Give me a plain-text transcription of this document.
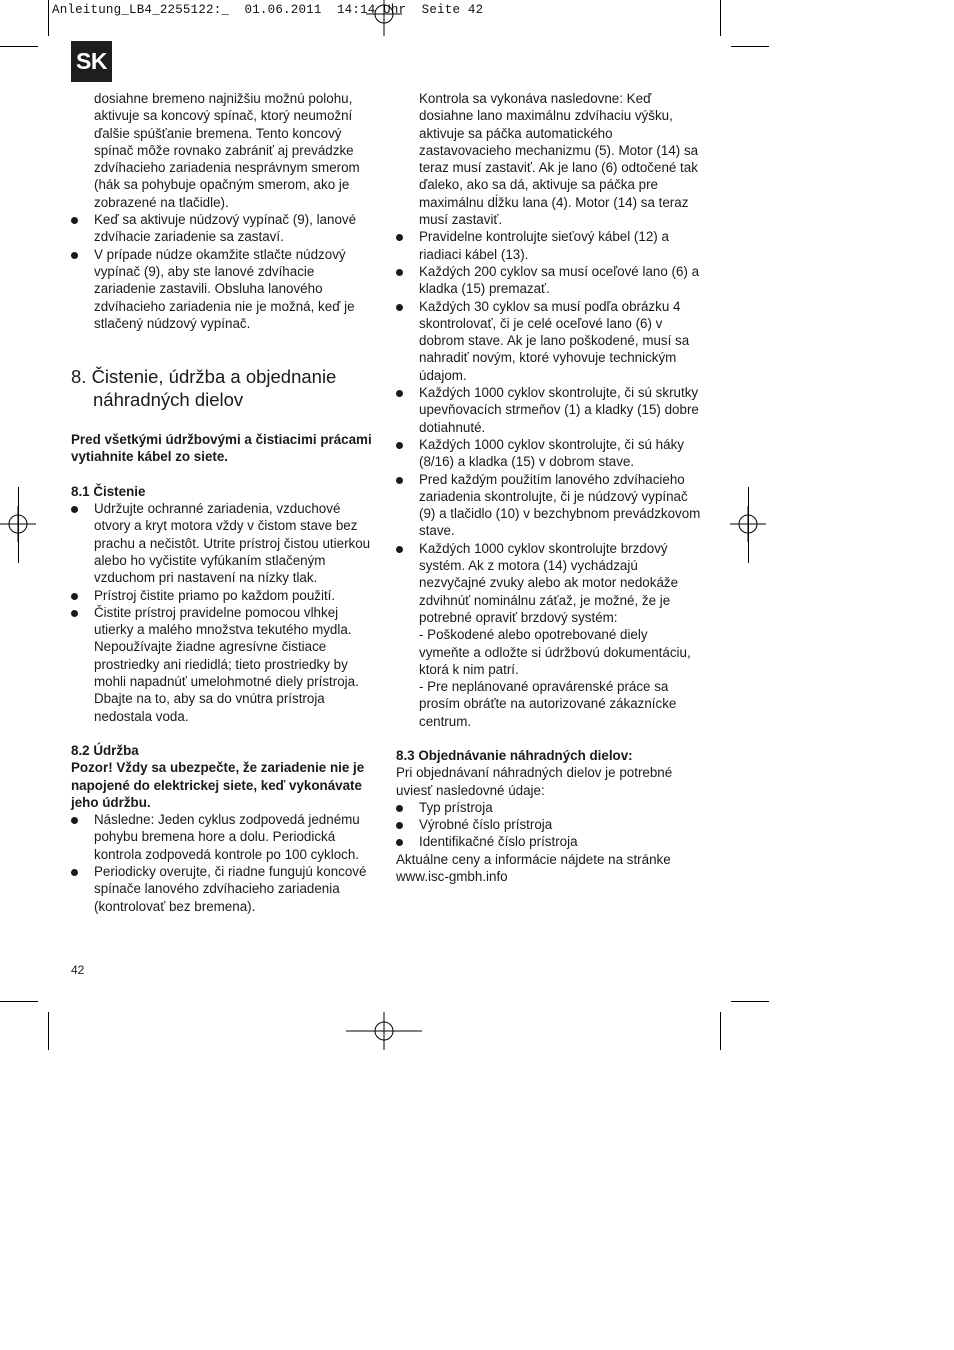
Anleitung_LB4_2255122:_  01.06.2011  14:14 Uhr  Seite 42
SK

dosiahne bremeno najnižšiu možnú polohu, aktivuje sa koncový spínač, ktorý neumožní ďalšie spúšťanie bremena. Tento koncový spínač môže rovnako zabrániť aj prevádzke zdvíhacieho zariadenia nesprávnym smerom (hák sa pohybuje opačným smerom, ako je zobrazené na tlačidle).

Keď sa aktivuje núdzový vypínač (9), lanové zdvíhacie zariadenie sa zastaví.
V prípade núdze okamžite stlačte núdzový vypínač (9), aby ste lanové zdvíhacie zariadenie zastavili. Obsluha lanového zdvíhacieho zariadenia nie je možná, keď je stlačený núdzový vypínač.
8. Čistenie, údržba a objednanie náhradných dielov

Pred všetkými údržbovými a čistiacimi prácami vytiahnite kábel zo siete.

8.1 Čistenie

Udržujte ochranné zariadenia, vzduchové otvory a kryt motora vždy v čistom stave bez prachu a nečistôt. Utrite prístroj čistou utierkou alebo ho vyčistite vyfúkaním stlačeným vzduchom pri nastavení na nízky tlak.
Prístroj čistite priamo po každom použití.
Čistite prístroj pravidelne pomocou vlhkej utierky a malého množstva tekutého mydla. Nepoužívajte žiadne agresívne čistiace prostriedky ani riedidlá; tieto prostriedky by mohli napadnúť umelohmotné diely prístroja. Dbajte na to, aby sa do vnútra prístroja nedostala voda.

8.2 Údržba

Pozor! Vždy sa ubezpečte, že zariadenie nie je napojené do elektrickej siete, keď vykonávate jeho údržbu.

Následne: Jeden cyklus zodpovedá jednému pohybu bremena hore a dolu. Periodická kontrola zodpovedá kontrole po 100 cykloch.
Periodicky overujte, či riadne fungujú koncové spínače lanového zdvíhacieho zariadenia (kontrolovať bez bremena).
42

Kontrola sa vykonáva nasledovne: Keď dosiahne lano maximálnu zdvíhaciu výšku, aktivuje sa páčka automatického zastavovacieho mechanizmu (5). Motor (14) sa teraz musí zastaviť. Ak je lano (6) odtočené tak ďaleko, ako sa dá, aktivuje sa páčka pre maximálnu dĺžku lana (4). Motor (14) sa teraz musí zastaviť.

Pravidelne kontrolujte sieťový kábel (12) a riadiaci kábel (13).
Každých 200 cyklov sa musí oceľové lano (6) a kladka (15) premazať.
Každých 30 cyklov sa musí podľa obrázku 4 skontrolovať, či je celé oceľové lano (6) v dobrom stave. Ak je lano poškodené, musí sa nahradiť novým, ktoré vyhovuje technickým údajom.
Každých 1000 cyklov skontrolujte, či sú skrutky upevňovacích strmeňov (1) a kladky (15) dobre dotiahnuté.
Každých 1000 cyklov skontrolujte, či sú háky (8/16) a kladka (15) v dobrom stave.
Pred každým použitím lanového zdvíhacieho zariadenia skontrolujte, či je núdzový vypínač (9) a tlačidlo (10) v bezchybnom prevádzkovom stave.
Každých 1000 cyklov skontrolujte brzdový systém. Ak z motora (14) vychádzajú nezvyčajné zvuky alebo ak motor nedokáže zdvihnúť nominálnu záťaž, je možné, že je potrebné opraviť brzdový systém:
- Poškodené alebo opotrebované diely vymeňte a odložte si údržbovú dokumentáciu, ktorá k nim patrí.
- Pre neplánované opravárenské práce sa prosím obráťte na autorizované zákaznícke centrum.

8.3 Objednávanie náhradných dielov:

Pri objednávaní náhradných dielov je potrebné uviesť nasledovné údaje:

Typ prístroja
Výrobné číslo prístroja
Identifikačné číslo prístroja

Aktuálne ceny a informácie nájdete na stránke www.isc-gmbh.info
